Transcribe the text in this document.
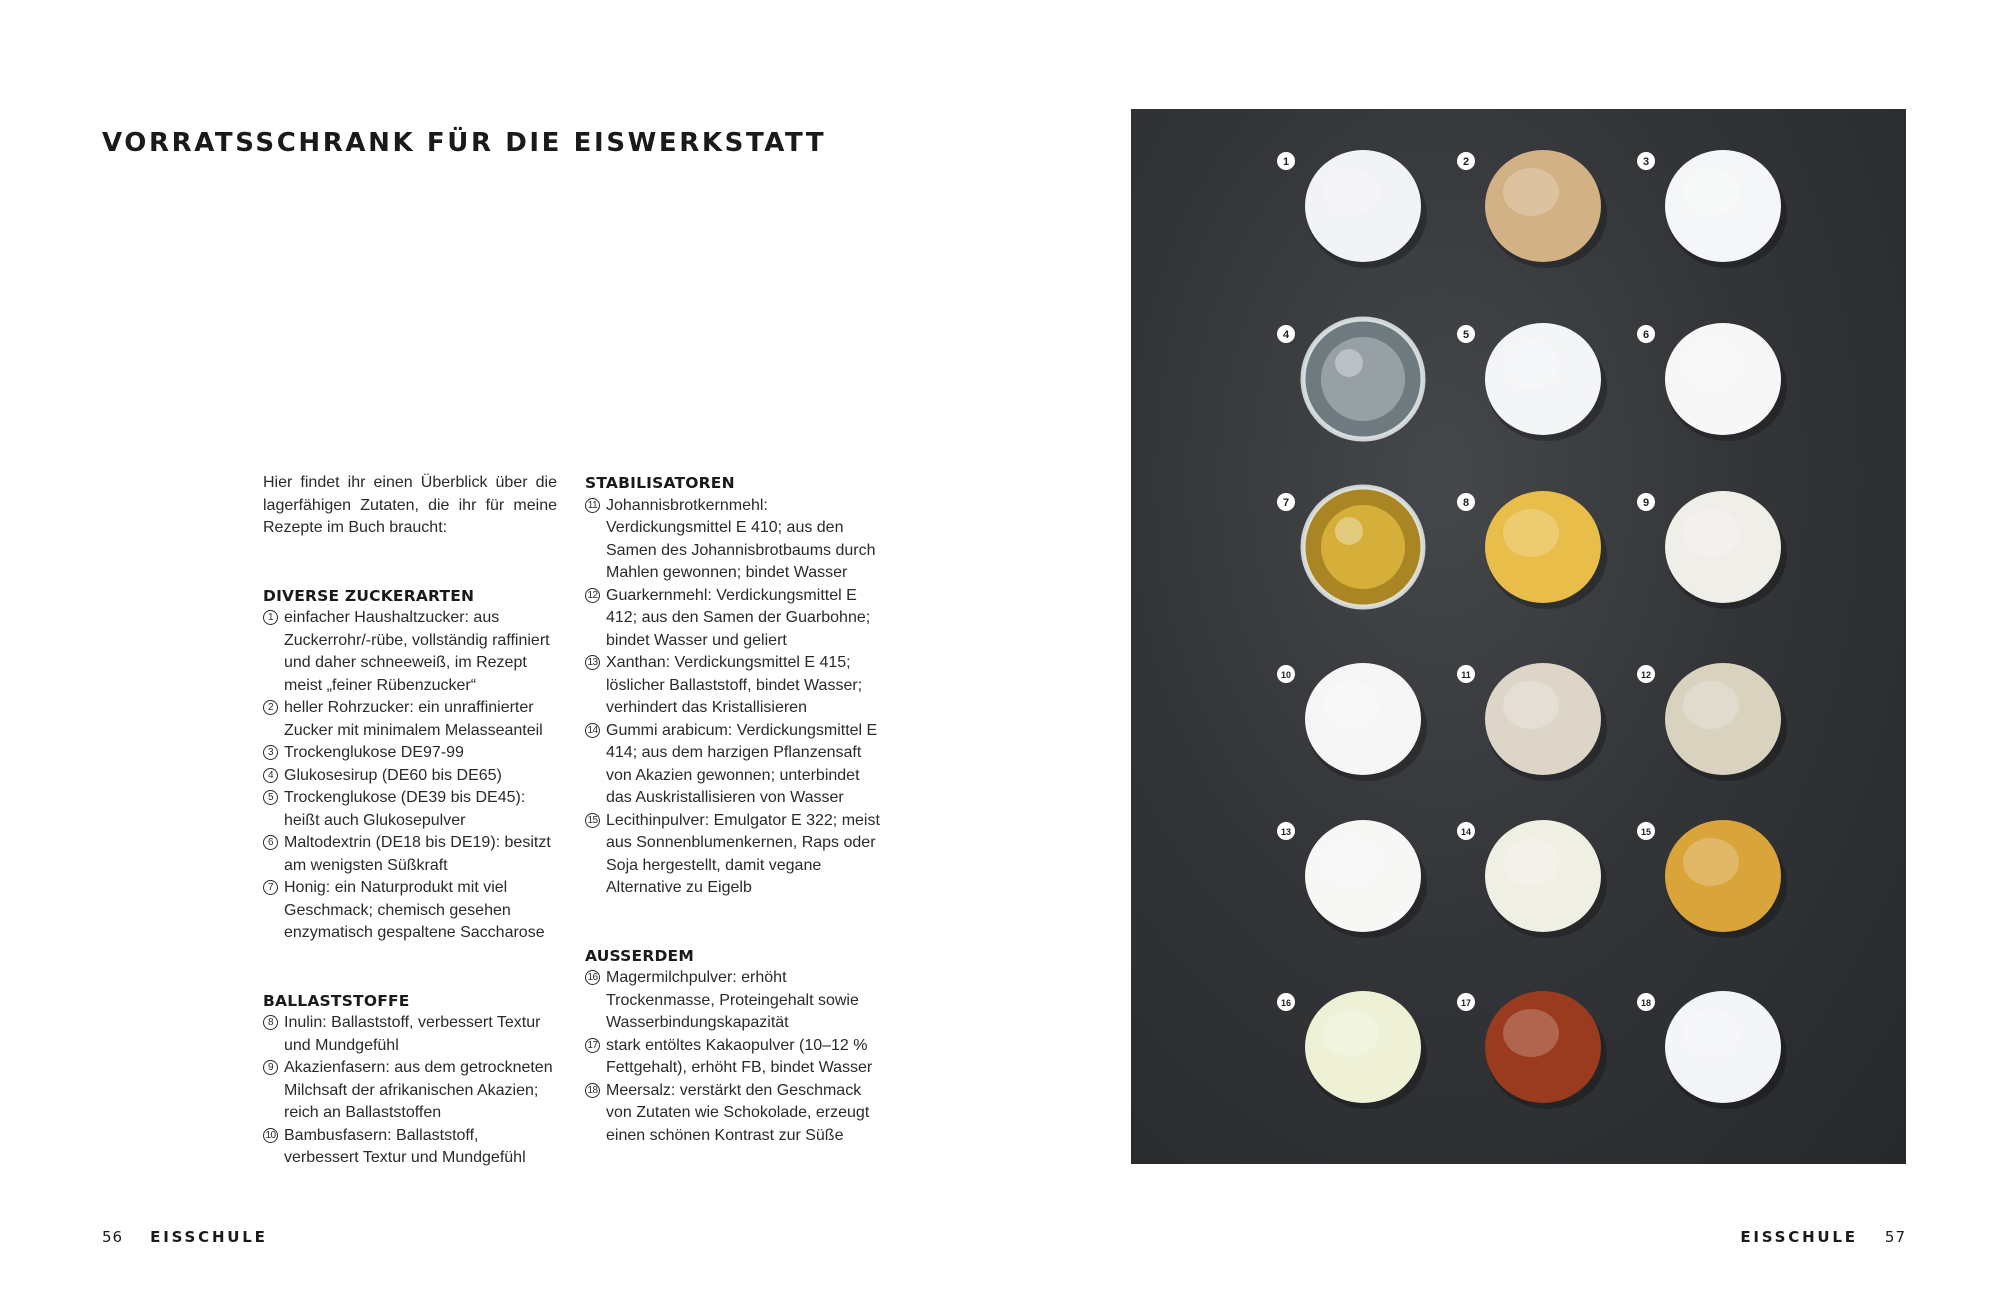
VORRATSSCHRANK FÜR DIE EISWERKSTATT

Hier findet ihr einen Überblick über die lagerfähigen Zutaten, die ihr für meine Rezepte im Buch braucht:

DIVERSE ZUCKERARTEN
1 einfacher Haushaltzucker: aus Zuckerrohr/-rübe, vollständig raffiniert und daher schneeweiß, im Rezept meist „feiner Rübenzucker“
2 heller Rohrzucker: ein unraffinierter Zucker mit minimalem Melasseanteil
3 Trockenglukose DE97-99
4 Glukosesirup (DE60 bis DE65)
5 Trockenglukose (DE39 bis DE45): heißt auch Glukosepulver
6 Maltodextrin (DE18 bis DE19): besitzt am wenigsten Süßkraft
7 Honig: ein Naturprodukt mit viel Geschmack; chemisch gesehen enzymatisch gespaltene Saccharose
BALLASTSTOFFE
8 Inulin: Ballaststoff, verbessert Textur und Mundgefühl
9 Akazienfasern: aus dem getrockneten Milchsaft der afrikanischen Akazien; reich an Ballaststoffen
10 Bambusfasern: Ballaststoff, verbessert Textur und Mundgefühl
STABILISATOREN
11 Johannisbrotkernmehl: Verdickungsmittel E 410; aus den Samen des Johannisbrotbaums durch Mahlen gewonnen; bindet Wasser
12 Guarkernmehl: Verdickungsmittel E 412; aus den Samen der Guarbohne; bindet Wasser und geliert
13 Xanthan: Verdickungsmittel E 415; löslicher Ballaststoff, bindet Wasser; verhindert das Kristallisieren
14 Gummi arabicum: Verdickungsmittel E 414; aus dem harzigen Pflanzensaft von Akazien gewonnen; unterbindet das Auskristallisieren von Wasser
15 Lecithinpulver: Emulgator E 322; meist aus Sonnenblumenkernen, Raps oder Soja hergestellt, damit vegane Alternative zu Eigelb
AUSSERDEM
16 Magermilchpulver: erhöht Trockenmasse, Proteingehalt sowie Wasserbindungskapazität
17 stark entöltes Kakaopulver (10–12 % Fettgehalt), erhöht FB, bindet Wasser
18 Meersalz: verstärkt den Geschmack von Zutaten wie Schokolade, erzeugt einen schönen Kontrast zur Süße
1	2	3
4	5	6
7	8	9
10	11	12
13	14	15
16	17	18
56 EISSCHULE	EISSCHULE 57
